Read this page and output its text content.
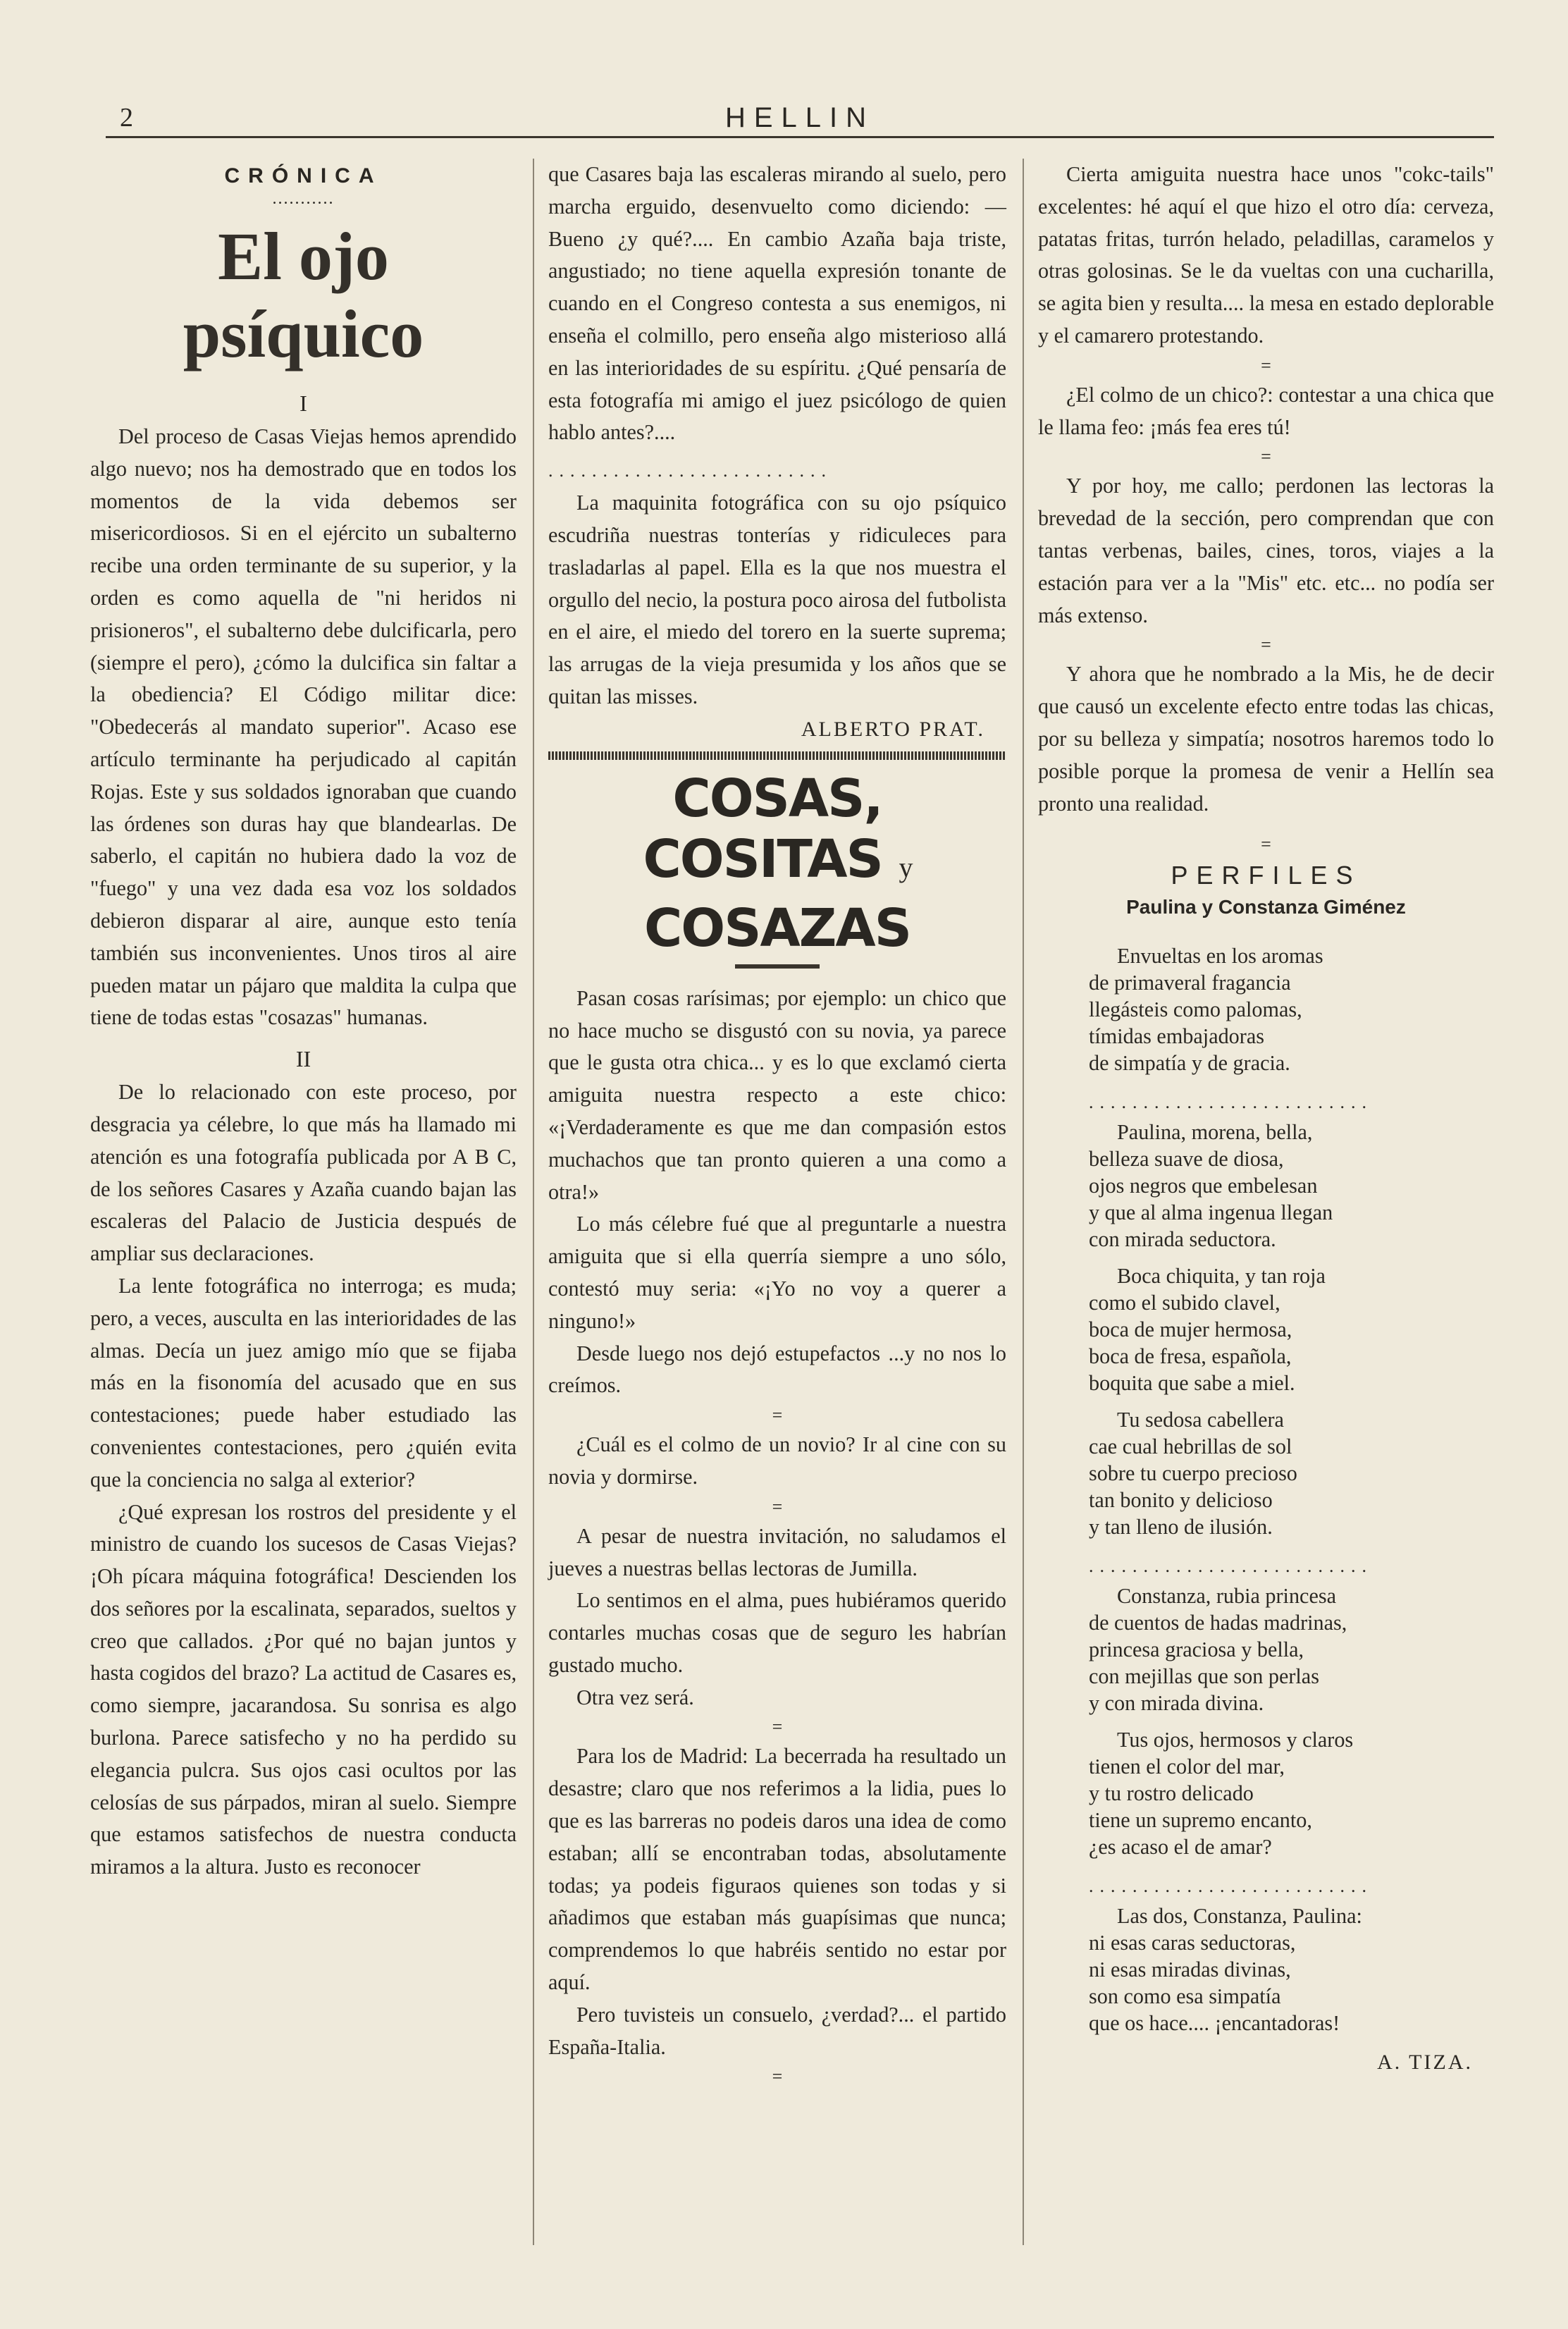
2	HELLIN
CRÓNICA
...........
El ojo psíquico
I

Del proceso de Casas Viejas hemos aprendido algo nuevo; nos ha demostrado que en todos los momentos de la vida debemos ser misericordiosos. Si en el ejército un subalterno recibe una orden terminante de su superior, y la orden es como aquella de "ni heridos ni prisioneros", el subalterno debe dulcificarla, pero (siempre el pero), ¿cómo la dulcifica sin faltar a la obediencia? El Código militar dice: "Obedecerás al mandato superior". Acaso ese artículo terminante ha perjudicado al capitán Rojas. Este y sus soldados ignoraban que cuando las órdenes son duras hay que blandearlas. De saberlo, el capitán no hubiera dado la voz de "fuego" y una vez dada esa voz los soldados debieron disparar al aire, aunque esto tenía también sus inconvenientes. Unos tiros al aire pueden matar un pájaro que maldita la culpa que tiene de todas estas "cosazas" humanas.

II

De lo relacionado con este proceso, por desgracia ya célebre, lo que más ha llamado mi atención es una fotografía publicada por A B C, de los señores Casares y Azaña cuando bajan las escaleras del Palacio de Justicia después de ampliar sus declaraciones.

La lente fotográfica no interroga; es muda; pero, a veces, ausculta en las interioridades de las almas. Decía un juez amigo mío que se fijaba más en la fisonomía del acusado que en sus contestaciones; puede haber estudiado las convenientes contestaciones, pero ¿quién evita que la conciencia no salga al exterior?

¿Qué expresan los rostros del presidente y el ministro de cuando los sucesos de Casas Viejas? ¡Oh pícara máquina fotográfica! Descienden los dos señores por la escalinata, separados, sueltos y creo que callados. ¿Por qué no bajan juntos y hasta cogidos del brazo? La actitud de Casares es, como siempre, jacarandosa. Su sonrisa es algo burlona. Parece satisfecho y no ha perdido su elegancia pulcra. Sus ojos casi ocultos por las celosías de sus párpados, miran al suelo. Siempre que estamos satisfechos de nuestra conducta miramos a la altura. Justo es reconocer

que Casares baja las escaleras mirando al suelo, pero marcha erguido, desenvuelto como diciendo: —Bueno ¿y qué?.... En cambio Azaña baja triste, angustiado; no tiene aquella expresión tonante de cuando en el Congreso contesta a sus enemigos, ni enseña el colmillo, pero enseña algo misterioso allá en las interioridades de su espíritu. ¿Qué pensaría de esta fotografía mi amigo el juez psicólogo de quien hablo antes?....

..........................

La maquinita fotográfica con su ojo psíquico escudriña nuestras tonterías y ridiculeces para trasladarlas al papel. Ella es la que nos muestra el orgullo del necio, la postura poco airosa del futbolista en el aire, el miedo del torero en la suerte suprema; las arrugas de la vieja presumida y los años que se quitan las misses.

ALBERTO PRAT.
COSAS, COSITAS y COSAZAS

Pasan cosas rarísimas; por ejemplo: un chico que no hace mucho se disgustó con su novia, ya parece que le gusta otra chica... y es lo que exclamó cierta amiguita nuestra respecto a este chico: «¡Verdaderamente es que me dan compasión estos muchachos que tan pronto quieren a una como a otra!»

Lo más célebre fué que al preguntarle a nuestra amiguita que si ella querría siempre a uno sólo, contestó muy seria: «¡Yo no voy a querer a ninguno!»

Desde luego nos dejó estupefactos ...y no nos lo creímos.

=

¿Cuál es el colmo de un novio? Ir al cine con su novia y dormirse.

=

A pesar de nuestra invitación, no saludamos el jueves a nuestras bellas lectoras de Jumilla.

Lo sentimos en el alma, pues hubiéramos querido contarles muchas cosas que de seguro les habrían gustado mucho.

Otra vez será.

=

Para los de Madrid: La becerrada ha resultado un desastre; claro que nos referimos a la lidia, pues lo que es las barreras no podeis daros una idea de como estaban; allí se encontraban todas, absolutamente todas; ya podeis figuraos quienes son todas y si añadimos que estaban más guapísimas que nunca; comprendemos lo que habréis sentido no estar por aquí.

Pero tuvisteis un consuelo, ¿verdad?... el partido España-Italia.

=

Cierta amiguita nuestra hace unos "cokc-tails" excelentes: hé aquí el que hizo el otro día: cerveza, patatas fritas, turrón helado, peladillas, caramelos y otras golosinas. Se le da vueltas con una cucharilla, se agita bien y resulta.... la mesa en estado deplorable y el camarero protestando.

=

¿El colmo de un chico?: contestar a una chica que le llama feo: ¡más fea eres tú!

=

Y por hoy, me callo; perdonen las lectoras la brevedad de la sección, pero comprendan que con tantas verbenas, bailes, cines, toros, viajes a la estación para ver a la "Mis" etc. etc... no podía ser más extenso.

=

Y ahora que he nombrado a la Mis, he de decir que causó un excelente efecto entre todas las chicas, por su belleza y simpatía; nosotros haremos todo lo posible porque la promesa de venir a Hellín sea pronto una realidad.

=
PERFILES
Paulina y Constanza Giménez
Envueltas en los aromas
de primaveral fragancia
llegásteis como palomas,
tímidas embajadoras
de simpatía y de gracia.
..........................
Paulina, morena, bella,
belleza suave de diosa,
ojos negros que embelesan
y que al alma ingenua llegan
con mirada seductora.
Boca chiquita, y tan roja
como el subido clavel,
boca de mujer hermosa,
boca de fresa, española,
boquita que sabe a miel.
Tu sedosa cabellera
cae cual hebrillas de sol
sobre tu cuerpo precioso
tan bonito y delicioso
y tan lleno de ilusión.
..........................
Constanza, rubia princesa
de cuentos de hadas madrinas,
princesa graciosa y bella,
con mejillas que son perlas
y con mirada divina.
Tus ojos, hermosos y claros
tienen el color del mar,
y tu rostro delicado
tiene un supremo encanto,
¿es acaso el de amar?
..........................
Las dos, Constanza, Paulina:
ni esas caras seductoras,
ni esas miradas divinas,
son como esa simpatía
que os hace.... ¡encantadoras!
A. TIZA.
